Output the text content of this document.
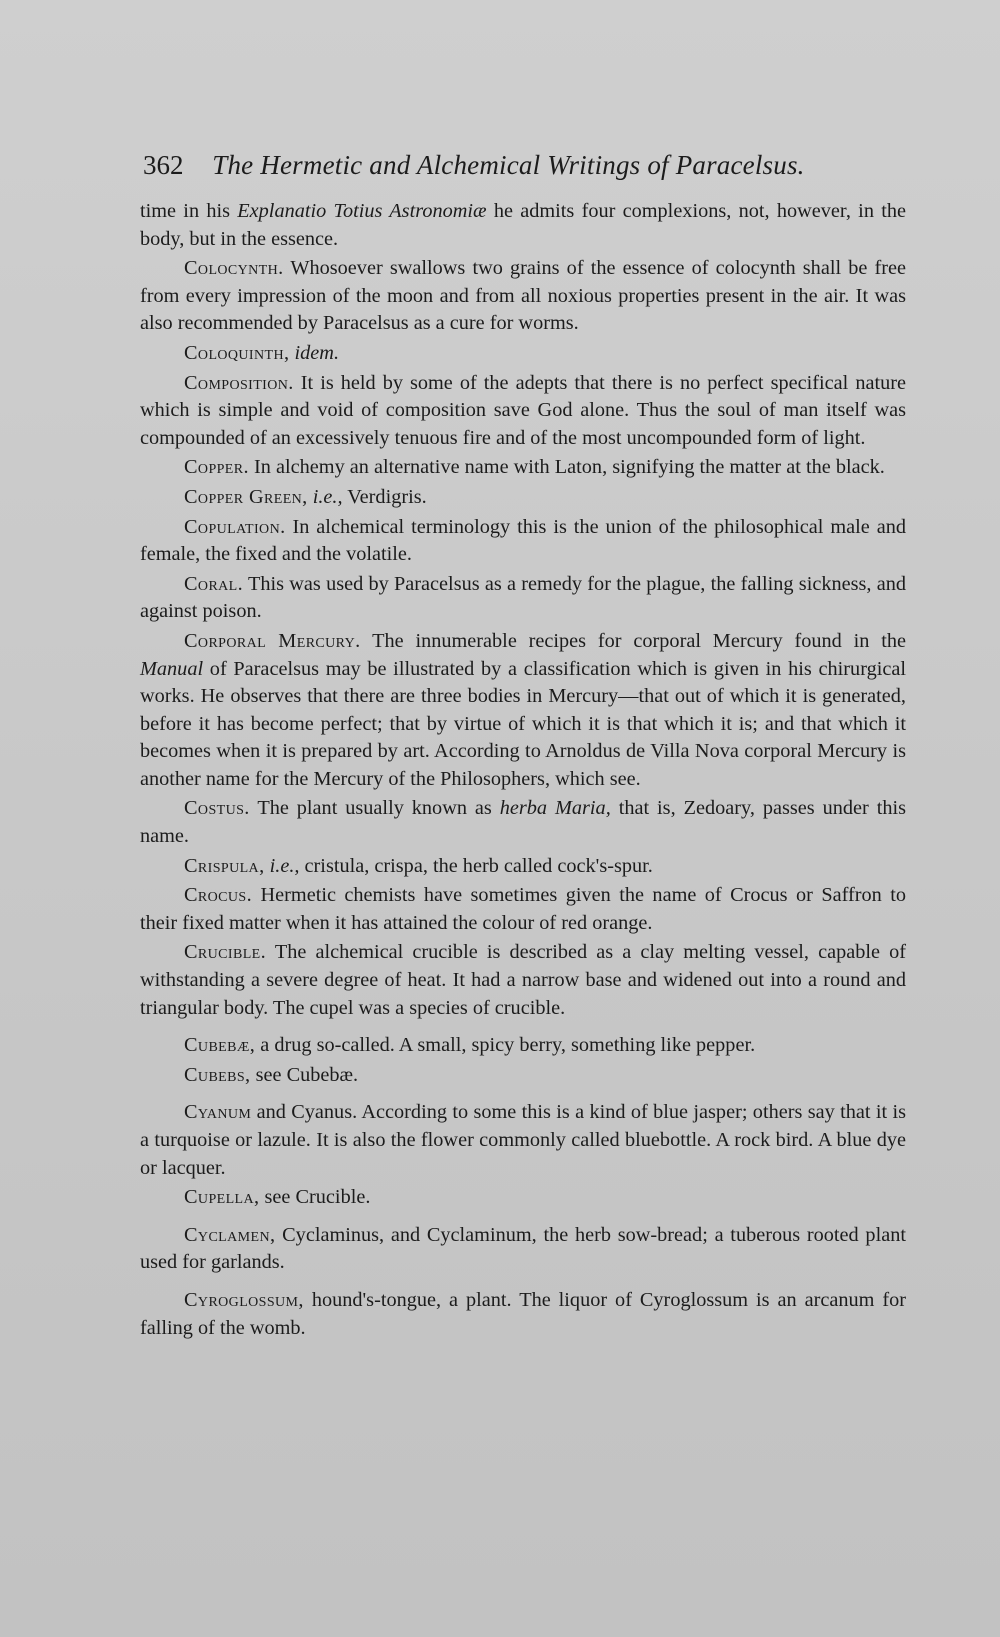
362 The Hermetic and Alchemical Writings of Paracelsus.

time in his Explanatio Totius Astronomiæ he admits four complexions, not, however, in the body, but in the essence.

Colocynth. Whosoever swallows two grains of the essence of colocynth shall be free from every impression of the moon and from all noxious properties present in the air. It was also recommended by Paracelsus as a cure for worms.

Coloquinth, idem.

Composition. It is held by some of the adepts that there is no perfect specifical nature which is simple and void of composition save God alone. Thus the soul of man itself was compounded of an excessively tenuous fire and of the most uncompounded form of light.

Copper. In alchemy an alternative name with Laton, signifying the matter at the black.

Copper Green, i.e., Verdigris.

Copulation. In alchemical terminology this is the union of the philosophical male and female, the fixed and the volatile.

Coral. This was used by Paracelsus as a remedy for the plague, the falling sickness, and against poison.

Corporal Mercury. The innumerable recipes for corporal Mercury found in the Manual of Paracelsus may be illustrated by a classification which is given in his chirurgical works. He observes that there are three bodies in Mercury—that out of which it is generated, before it has become perfect; that by virtue of which it is that which it is; and that which it becomes when it is prepared by art. According to Arnoldus de Villa Nova corporal Mercury is another name for the Mercury of the Philosophers, which see.

Costus. The plant usually known as herba Maria, that is, Zedoary, passes under this name.

Crispula, i.e., cristula, crispa, the herb called cock's-spur.

Crocus. Hermetic chemists have sometimes given the name of Crocus or Saffron to their fixed matter when it has attained the colour of red orange.

Crucible. The alchemical crucible is described as a clay melting vessel, capable of withstanding a severe degree of heat. It had a narrow base and widened out into a round and triangular body. The cupel was a species of crucible.

Cubebæ, a drug so-called. A small, spicy berry, something like pepper.

Cubebs, see Cubebæ.

Cyanum and Cyanus. According to some this is a kind of blue jasper; others say that it is a turquoise or lazule. It is also the flower commonly called bluebottle. A rock bird. A blue dye or lacquer.

Cupella, see Crucible.

Cyclamen, Cyclaminus, and Cyclaminum, the herb sow-bread; a tuberous rooted plant used for garlands.

Cyroglossum, hound's-tongue, a plant. The liquor of Cyroglossum is an arcanum for falling of the womb.
